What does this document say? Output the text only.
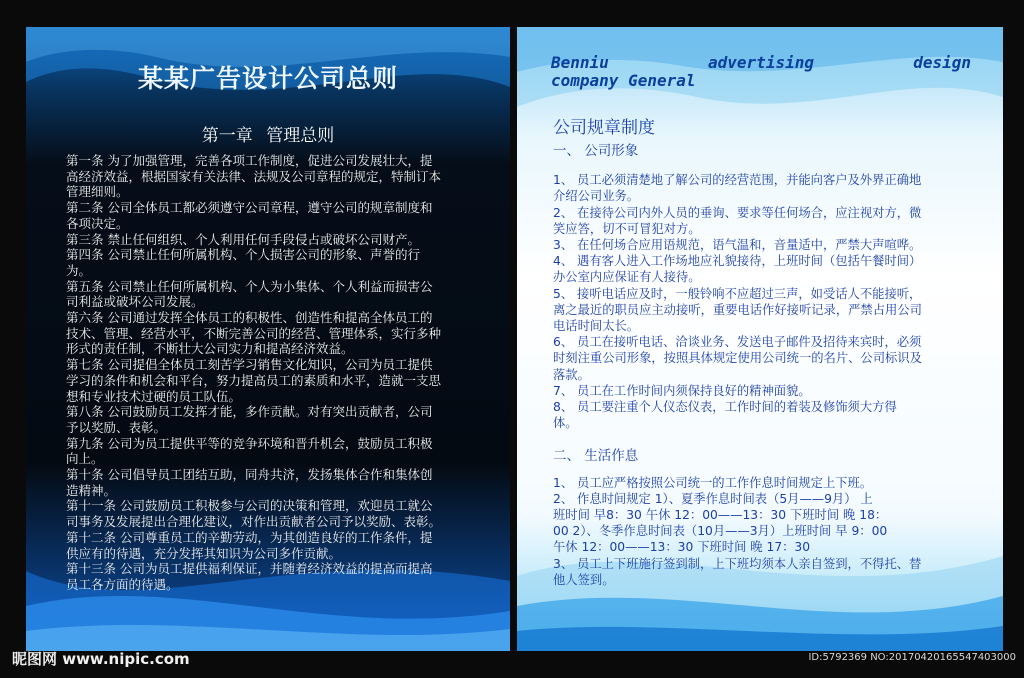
某某广告设计公司总则
第一章 管理总则

第一条 为了加强管理，完善各项工作制度，促进公司发展壮大，提

高经济效益，根据国家有关法律、法规及公司章程的规定，特制订本

管理细则。

第二条 公司全体员工都必须遵守公司章程，遵守公司的规章制度和

各项决定。

第三条 禁止任何组织、个人利用任何手段侵占或破坏公司财产。

第四条 公司禁止任何所属机构、个人损害公司的形象、声誉的行

为。

第五条 公司禁止任何所属机构、个人为小集体、个人利益而损害公

司利益或破坏公司发展。

第六条 公司通过发挥全体员工的积极性、创造性和提高全体员工的

技术、管理、经营水平，不断完善公司的经营、管理体系，实行多种

形式的责任制，不断壮大公司实力和提高经济效益。

第七条 公司提倡全体员工刻苦学习销售文化知识，公司为员工提供

学习的条件和机会和平台，努力提高员工的素质和水平，造就一支思

想和专业技术过硬的员工队伍。

第八条 公司鼓励员工发挥才能，多作贡献。对有突出贡献者，公司

予以奖励、表彰。

第九条 公司为员工提供平等的竞争环境和晋升机会，鼓励员工积极

向上。

第十条 公司倡导员工团结互助，同舟共济，发扬集体合作和集体创

造精神。

第十一条 公司鼓励员工积极参与公司的决策和管理，欢迎员工就公

司事务及发展提出合理化建议，对作出贡献者公司予以奖励、表彰。

第十二条 公司尊重员工的辛勤劳动，为其创造良好的工作条件，提

供应有的待遇，充分发挥其知识为公司多作贡献。

第十三条 公司为员工提供福利保证，并随着经济效益的提高而提高

员工各方面的待遇。

Benniu	advertising	design
company General
公司规章制度

一、 公司形象

1、 员工必须清楚地了解公司的经营范围，并能向客户及外界正确地

介绍公司业务。

2、 在接待公司内外人员的垂询、要求等任何场合，应注视对方，微

笑应答，切不可冒犯对方。

3、 在任何场合应用语规范，语气温和，音量适中，严禁大声喧哗。

4、 遇有客人进入工作场地应礼貌接待，上班时间（包括午餐时间）

办公室内应保证有人接待。

5、 接听电话应及时，一般铃响不应超过三声，如受话人不能接听，

离之最近的职员应主动接听，重要电话作好接听记录，严禁占用公司

电话时间太长。

6、 员工在接听电话、洽谈业务、发送电子邮件及招待来宾时，必须

时刻注重公司形象，按照具体规定使用公司统一的名片、公司标识及

落款。

7、 员工在工作时间内须保持良好的精神面貌。

8、 员工要注重个人仪态仪表，工作时间的着装及修饰须大方得

体。

二、 生活作息

1、 员工应严格按照公司统一的工作作息时间规定上下班。

2、 作息时间规定 1）、夏季作息时间表（5月——9月） 上

班时间 早8：30 午休 12：00——13：30 下班时间 晚 18：

00 2）、冬季作息时间表（10月——3月）上班时间 早 9：00

午休 12：00——13：30 下班时间 晚 17：30

3、 员工上下班施行签到制，上下班均须本人亲自签到，不得托、替

他人签到。

昵图网 www.nipic.com	ID:5792369 NO:20170420165547403000
